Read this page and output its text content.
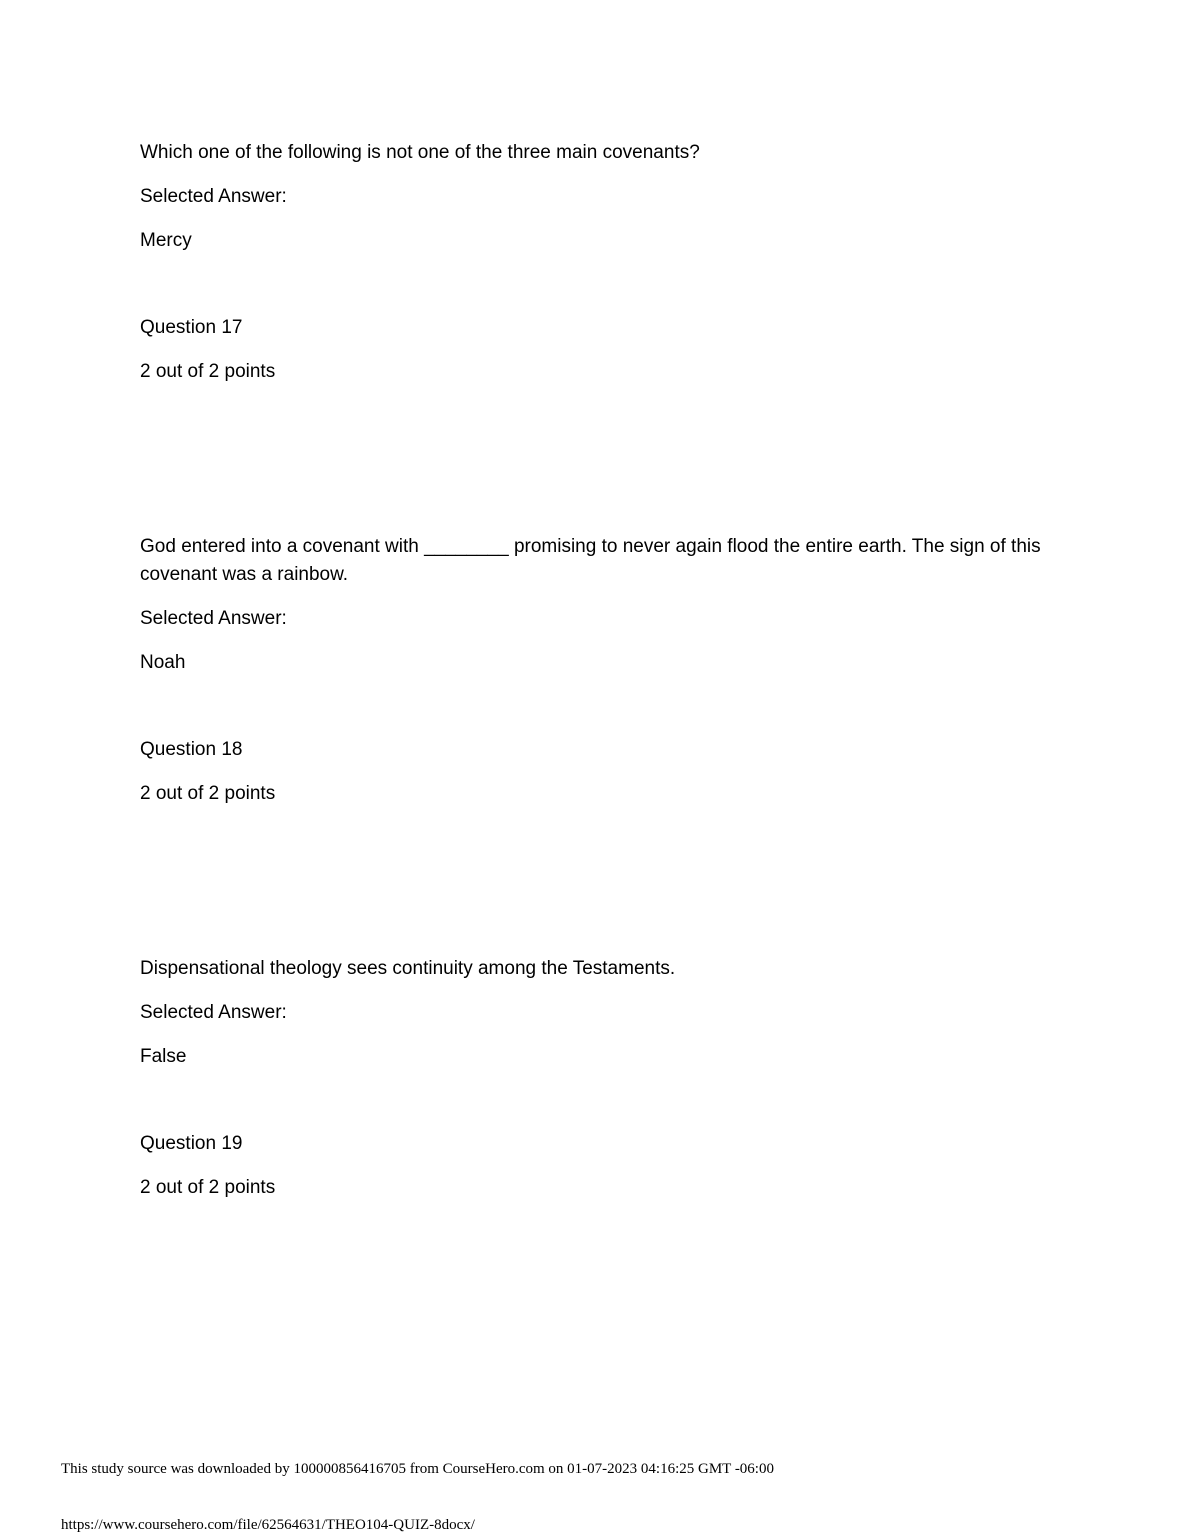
Which one of the following is not one of the three main covenants?
Selected Answer:
Mercy
Question 17
2 out of 2 points
God entered into a covenant with ________ promising to never again flood the entire earth. The sign of this covenant was a rainbow.
Selected Answer:
Noah
Question 18
2 out of 2 points
Dispensational theology sees continuity among the Testaments.
Selected Answer:
False
Question 19
2 out of 2 points
This study source was downloaded by 100000856416705 from CourseHero.com on 01-07-2023 04:16:25 GMT -06:00
https://www.coursehero.com/file/62564631/THEO104-QUIZ-8docx/
